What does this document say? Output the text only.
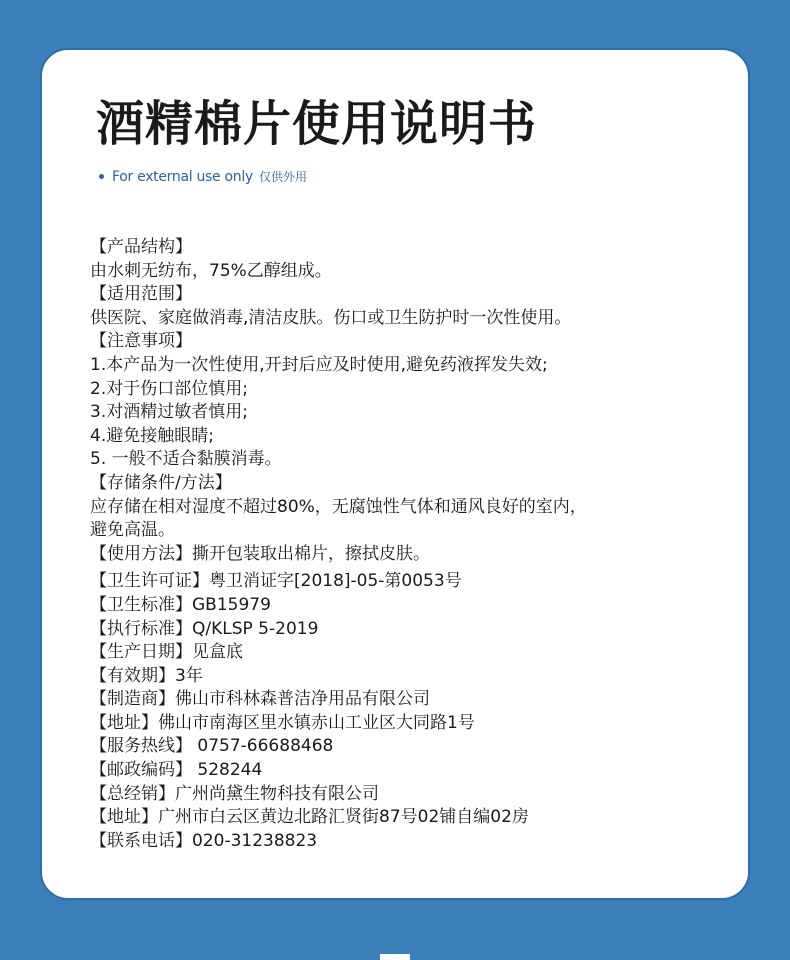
酒精棉片使用说明书
For external use only 仅供外用
【产品结构】
由水刺无纺布，75%乙醇组成。
【适用范围】
供医院、家庭做消毒,清洁皮肤。伤口或卫生防护时一次性使用。
【注意事项】
1.本产品为一次性使用,开封后应及时使用,避免药液挥发失效;
2.对于伤口部位慎用;
3.对酒精过敏者慎用;
4.避免接触眼睛;
5. 一般不适合黏膜消毒。
【存储条件/方法】
应存储在相对湿度不超过80%，无腐蚀性气体和通风良好的室内，
避免高温。
【使用方法】撕开包装取出棉片，擦拭皮肤。
【卫生许可证】粤卫消证字[2018]-05-第0053号
【卫生标准】GB15979
【执行标准】Q/KLSP 5-2019
【生产日期】见盒底
【有效期】3年
【制造商】佛山市科林森普洁净用品有限公司
【地址】佛山市南海区里水镇赤山工业区大同路1号
【服务热线】 0757-66688468
【邮政编码】 528244
【总经销】广州尚黛生物科技有限公司
【地址】广州市白云区黄边北路汇贤街87号02铺自编02房
【联系电话】020-31238823
